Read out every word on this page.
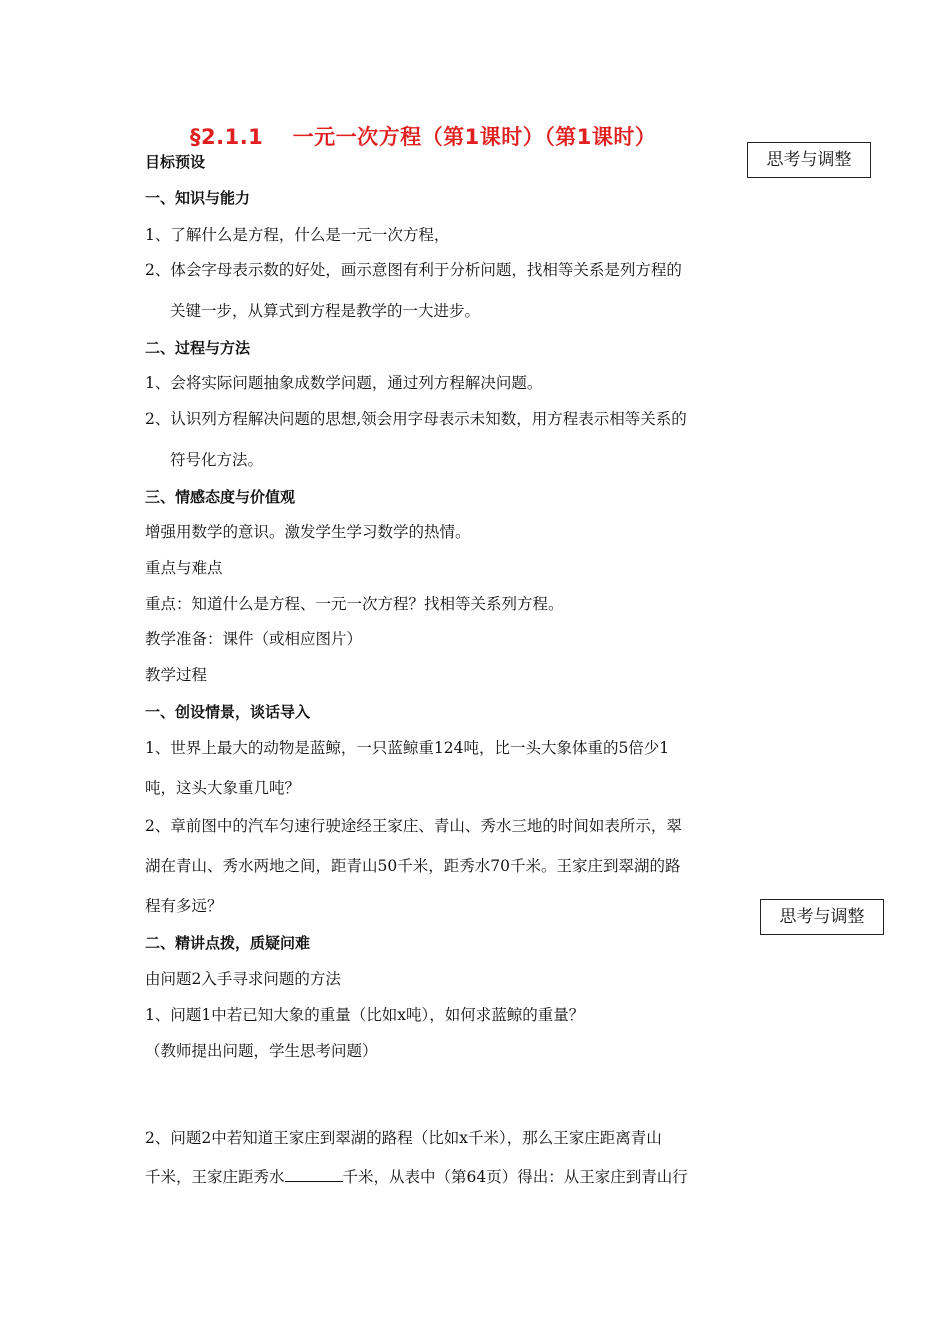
§2.1.1　 一元一次方程（第1课时）（第1课时）
思考与调整
思考与调整
目标预设
一、知识与能力
1、了解什么是方程，什么是一元一次方程，
2、体会字母表示数的好处，画示意图有利于分析问题，找相等关系是列方程的
关键一步，从算式到方程是教学的一大进步。
二、过程与方法
1、会将实际问题抽象成数学问题，通过列方程解决问题。
2、认识列方程解决问题的思想,领会用字母表示未知数，用方程表示相等关系的
符号化方法。
三、情感态度与价值观
增强用数学的意识。激发学生学习数学的热情。
重点与难点
重点：知道什么是方程、一元一次方程？找相等关系列方程。
教学准备：课件（或相应图片）
教学过程
一、创设情景，谈话导入
1、世界上最大的动物是蓝鲸，一只蓝鲸重124吨，比一头大象体重的5倍少1
吨，这头大象重几吨？
2、章前图中的汽车匀速行驶途经王家庄、青山、秀水三地的时间如表所示，翠
湖在青山、秀水两地之间，距青山50千米，距秀水70千米。王家庄到翠湖的路
程有多远？
二、精讲点拨，质疑问难
由问题2入手寻求问题的方法
1、问题1中若已知大象的重量（比如x吨），如何求蓝鲸的重量？
（教师提出问题，学生思考问题）
2、问题2中若知道王家庄到翠湖的路程（比如x千米），那么王家庄距离青山
千米，王家庄距秀水	千米，从表中（第64页）得出：从王家庄到青山行
